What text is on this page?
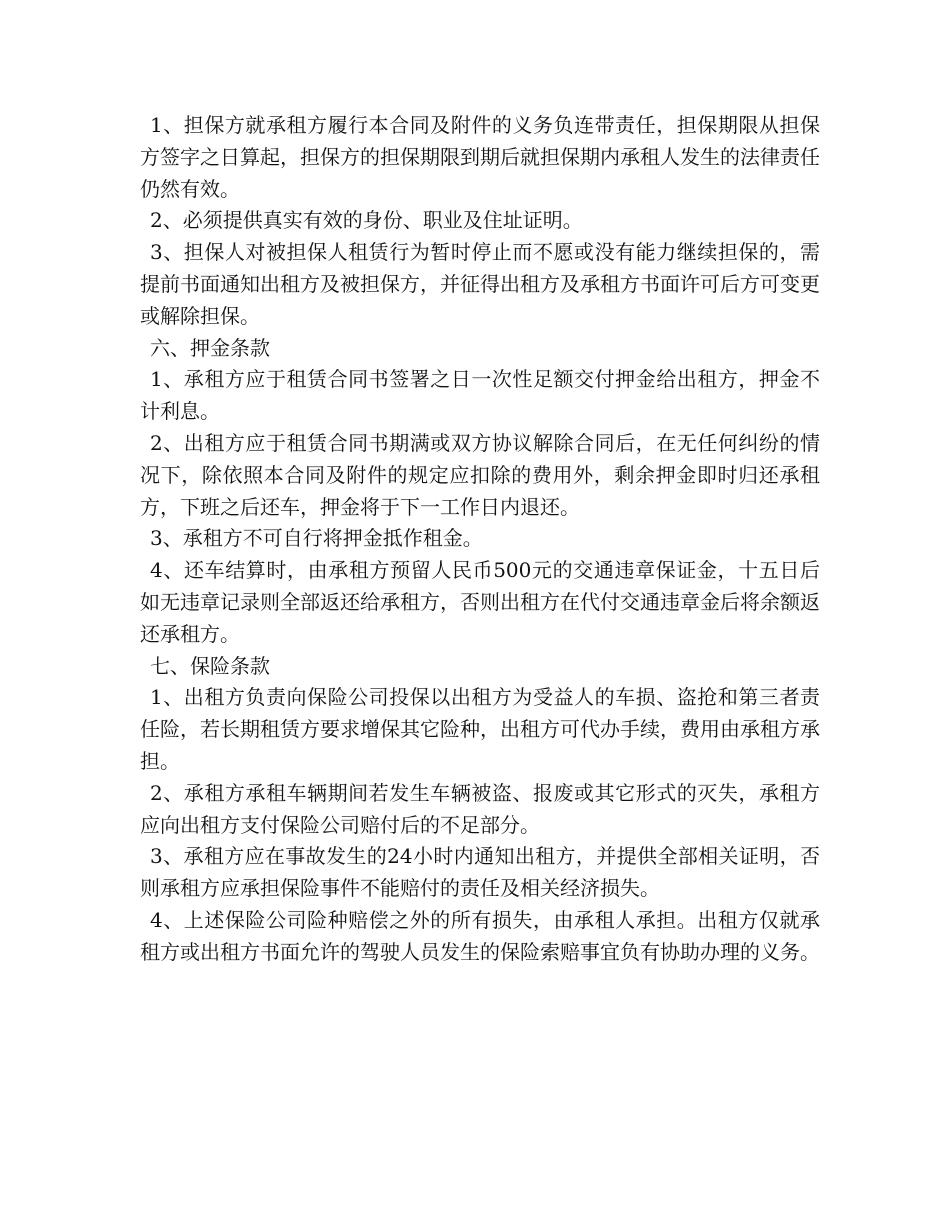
1、担保方就承租方履行本合同及附件的义务负连带责任，担保期限从担保方签字之日算起，担保方的担保期限到期后就担保期内承租人发生的法律责任仍然有效。

2、必须提供真实有效的身份、职业及住址证明。

3、担保人对被担保人租赁行为暂时停止而不愿或没有能力继续担保的，需提前书面通知出租方及被担保方，并征得出租方及承租方书面许可后方可变更或解除担保。

六、押金条款

1、承租方应于租赁合同书签署之日一次性足额交付押金给出租方，押金不计利息。

2、出租方应于租赁合同书期满或双方协议解除合同后，在无任何纠纷的情况下，除依照本合同及附件的规定应扣除的费用外，剩余押金即时归还承租方，下班之后还车，押金将于下一工作日内退还。

3、承租方不可自行将押金抵作租金。

4、还车结算时，由承租方预留人民币500元的交通违章保证金，十五日后如无违章记录则全部返还给承租方，否则出租方在代付交通违章金后将余额返还承租方。

七、保险条款

1、出租方负责向保险公司投保以出租方为受益人的车损、盗抢和第三者责任险，若长期租赁方要求增保其它险种，出租方可代办手续，费用由承租方承担。

2、承租方承租车辆期间若发生车辆被盗、报废或其它形式的灭失，承租方应向出租方支付保险公司赔付后的不足部分。

3、承租方应在事故发生的24小时内通知出租方，并提供全部相关证明，否则承租方应承担保险事件不能赔付的责任及相关经济损失。

4、上述保险公司险种赔偿之外的所有损失，由承租人承担。出租方仅就承租方或出租方书面允许的驾驶人员发生的保险索赔事宜负有协助办理的义务。
